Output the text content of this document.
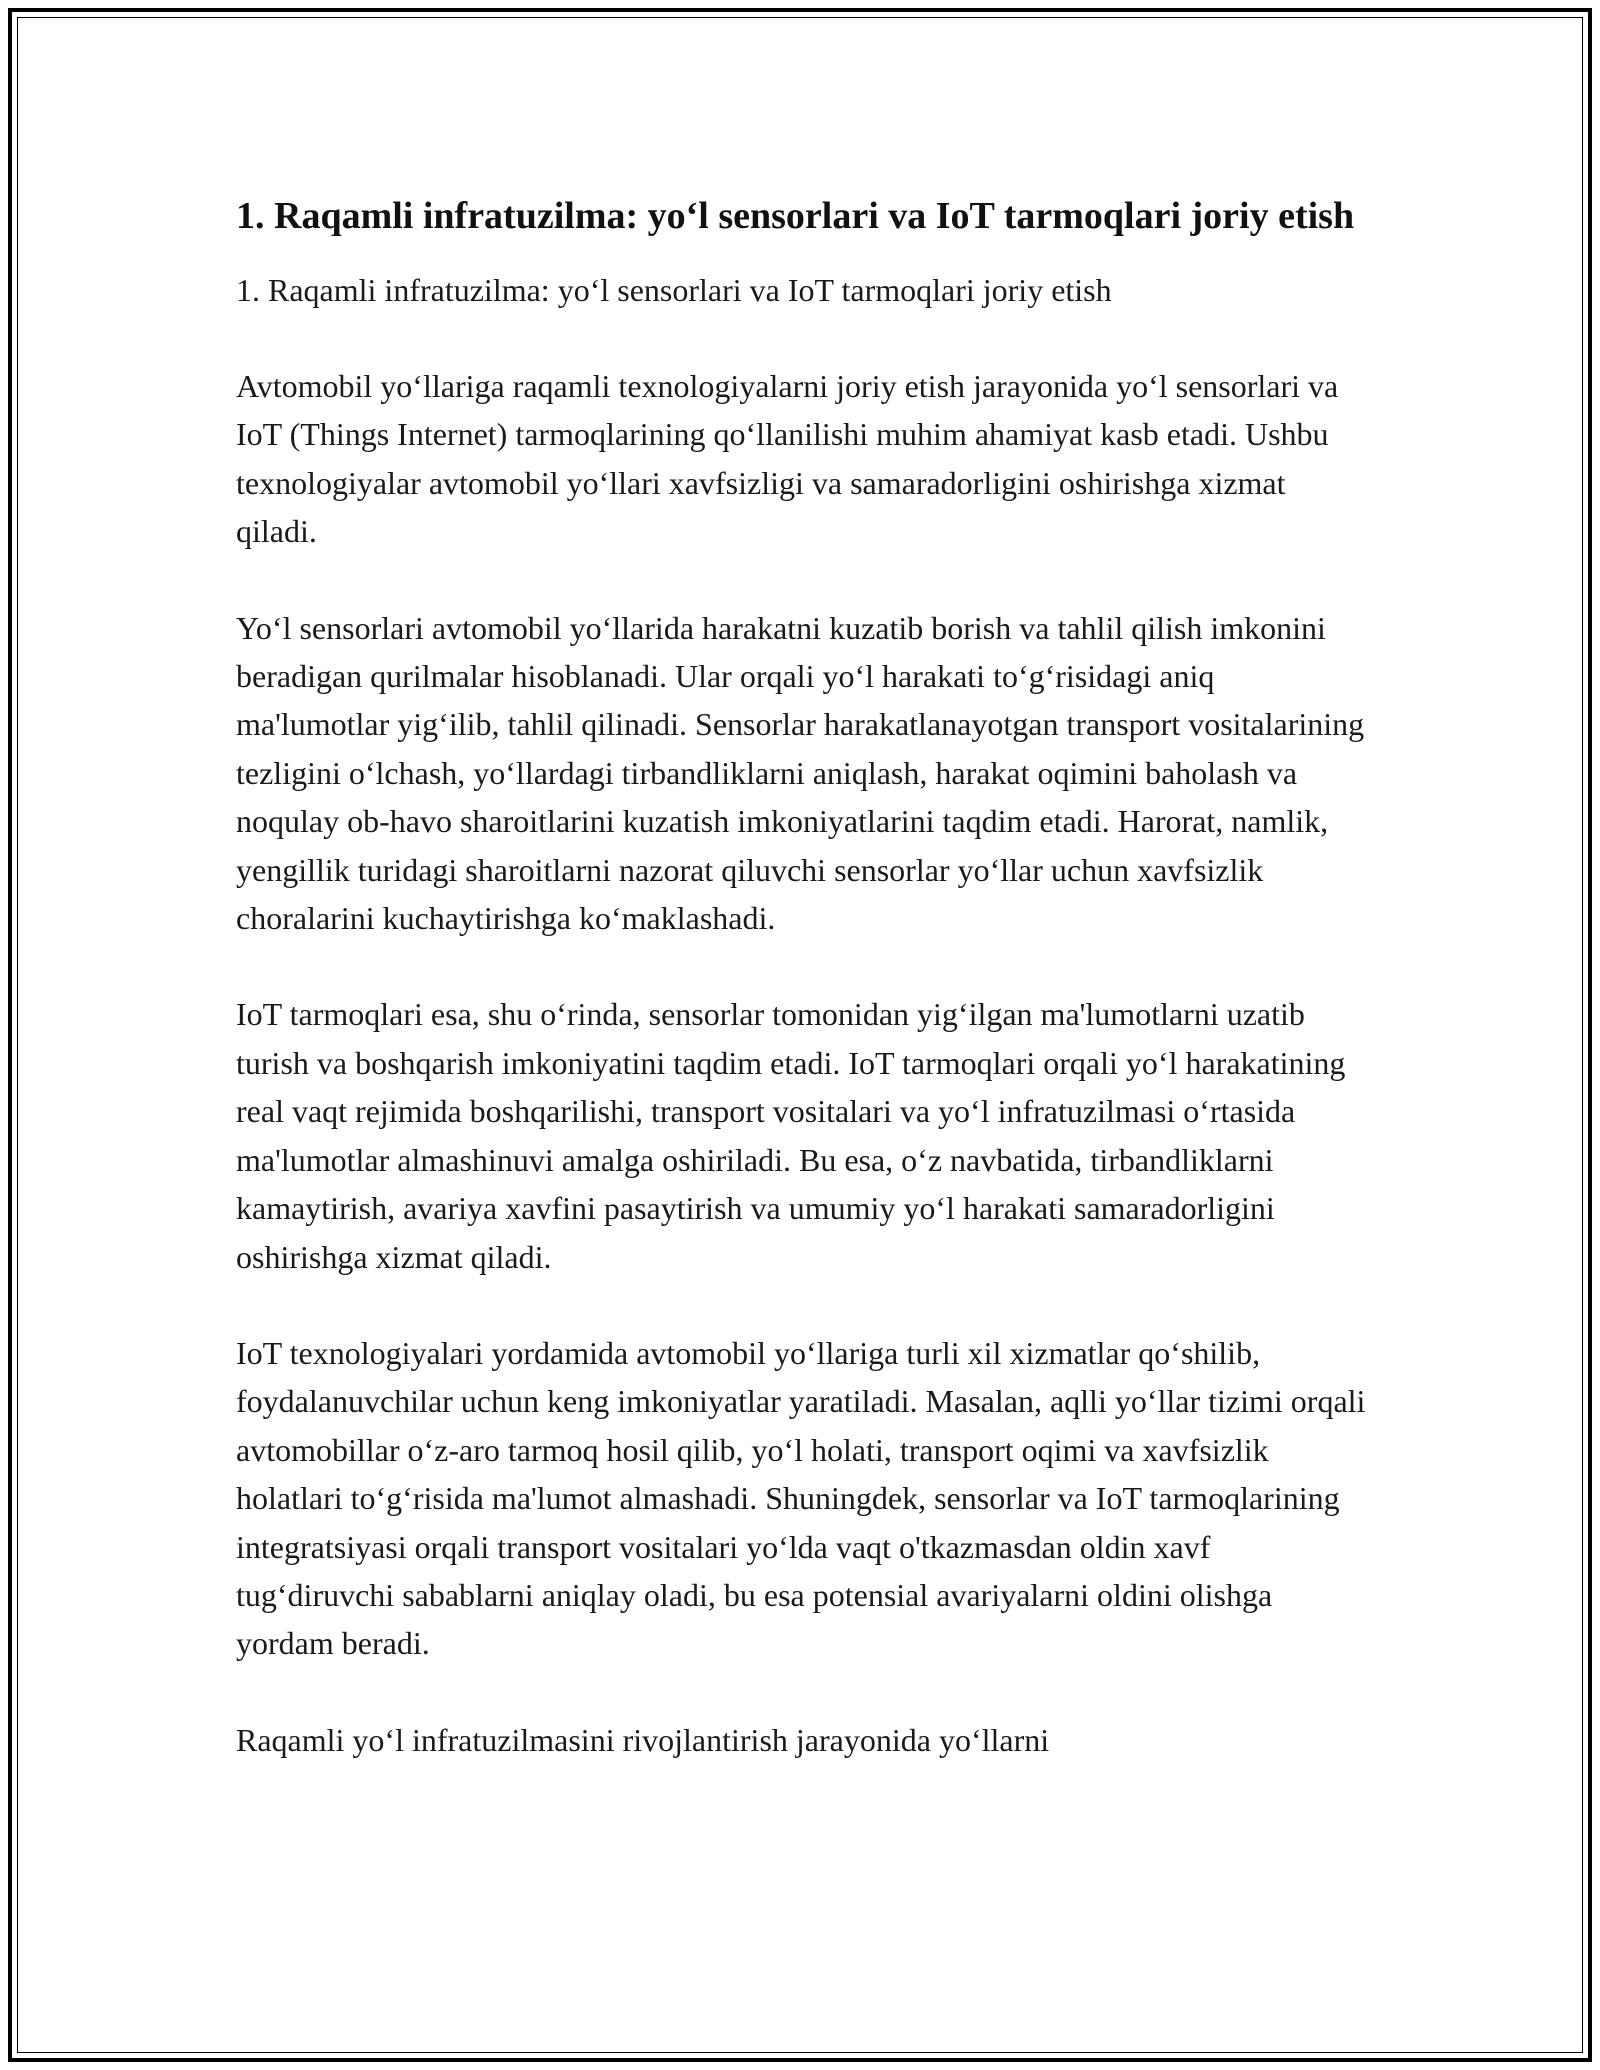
1. Raqamli infratuzilma: yo‘l sensorlari va IoT tarmoqlari joriy etish

1. Raqamli infratuzilma: yo‘l sensorlari va IoT tarmoqlari joriy etish

Avtomobil yo‘llariga raqamli texnologiyalarni joriy etish jarayonida yo‘l sensorlari va IoT (Things Internet) tarmoqlarining qo‘llanilishi muhim ahamiyat kasb etadi. Ushbu texnologiyalar avtomobil yo‘llari xavfsizligi va samaradorligini oshirishga xizmat qiladi.

Yo‘l sensorlari avtomobil yo‘llarida harakatni kuzatib borish va tahlil qilish imkonini beradigan qurilmalar hisoblanadi. Ular orqali yo‘l harakati to‘g‘risidagi aniq ma'lumotlar yig‘ilib, tahlil qilinadi. Sensorlar harakatlanayotgan transport vositalarining tezligini o‘lchash, yo‘llardagi tirbandliklarni aniqlash, harakat oqimini baholash va noqulay ob-havo sharoitlarini kuzatish imkoniyatlarini taqdim etadi. Harorat, namlik, yengillik turidagi sharoitlarni nazorat qiluvchi sensorlar yo‘llar uchun xavfsizlik choralarini kuchaytirishga ko‘maklashadi.

IoT tarmoqlari esa, shu o‘rinda, sensorlar tomonidan yig‘ilgan ma'lumotlarni uzatib turish va boshqarish imkoniyatini taqdim etadi. IoT tarmoqlari orqali yo‘l harakatining real vaqt rejimida boshqarilishi, transport vositalari va yo‘l infratuzilmasi o‘rtasida ma'lumotlar almashinuvi amalga oshiriladi. Bu esa, o‘z navbatida, tirbandliklarni kamaytirish, avariya xavfini pasaytirish va umumiy yo‘l harakati samaradorligini oshirishga xizmat qiladi.

IoT texnologiyalari yordamida avtomobil yo‘llariga turli xil xizmatlar qo‘shilib, foydalanuvchilar uchun keng imkoniyatlar yaratiladi. Masalan, aqlli yo‘llar tizimi orqali avtomobillar o‘z-aro tarmoq hosil qilib, yo‘l holati, transport oqimi va xavfsizlik holatlari to‘g‘risida ma'lumot almashadi. Shuningdek, sensorlar va IoT tarmoqlarining integratsiyasi orqali transport vositalari yo‘lda vaqt o'tkazmasdan oldin xavf tug‘diruvchi sabablarni aniqlay oladi, bu esa potensial avariyalarni oldini olishga yordam beradi.

Raqamli yo‘l infratuzilmasini rivojlantirish jarayonida yo‘llarni
